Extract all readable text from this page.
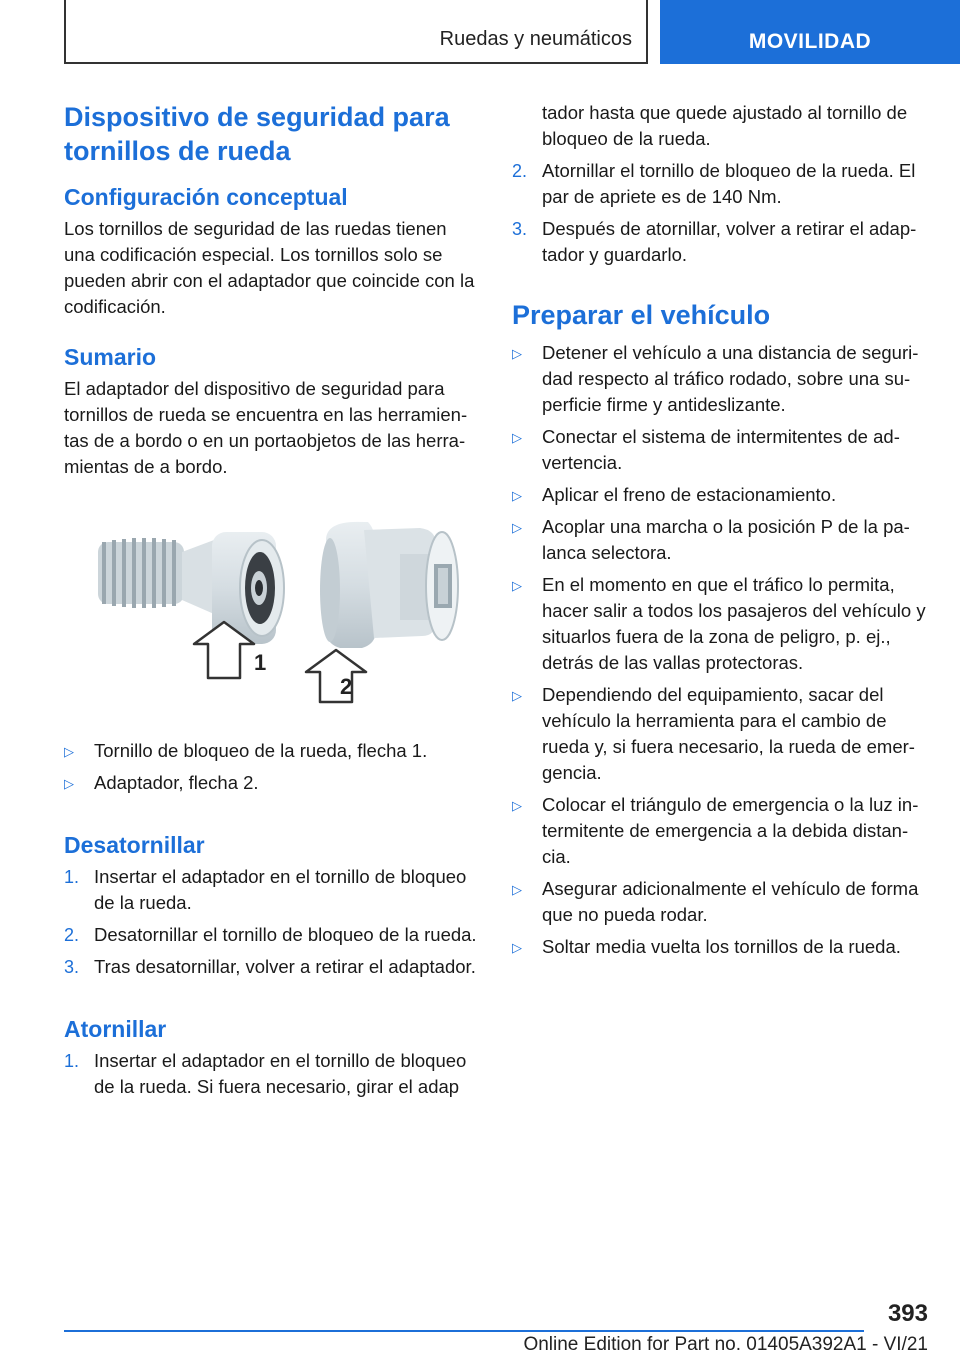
Ruedas y neumáticos	MOVILIDAD
Dispositivo de seguridad para tornillos de rueda
Configuración conceptual

Los tornillos de seguridad de las ruedas tienen una codificación especial. Los tornillos solo se pueden abrir con el adaptador que coincide con la codificación.

Sumario

El adaptador del dispositivo de seguridad para tornillos de rueda se encuentra en las herramientas de a bordo o en un portaobjetos de las herramientas de a bordo.

1
2
▷ Tornillo de bloqueo de la rueda, flecha 1.
▷ Adaptador, flecha 2.
Desatornillar
1. Insertar el adaptador en el tornillo de bloqueo de la rueda.
2. Desatornillar el tornillo de bloqueo de la rueda.
3. Tras desatornillar, volver a retirar el adaptador.
Atornillar
1. Insertar el adaptador en el tornillo de bloqueo de la rueda. Si fuera necesario, girar el adap
tador hasta que quede ajustado al tornillo de bloqueo de la rueda.
2. Atornillar el tornillo de bloqueo de la rueda. El par de apriete es de 140 Nm.
3. Después de atornillar, volver a retirar el adaptador y guardarlo.
Preparar el vehículo
▷ Detener el vehículo a una distancia de seguridad respecto al tráfico rodado, sobre una superficie firme y antideslizante.
▷ Conectar el sistema de intermitentes de advertencia.
▷ Aplicar el freno de estacionamiento.
▷ Acoplar una marcha o la posición P de la palanca selectora.
▷ En el momento en que el tráfico lo permita, hacer salir a todos los pasajeros del vehículo y situarlos fuera de la zona de peligro, p. ej., detrás de las vallas protectoras.
▷ Dependiendo del equipamiento, sacar del vehículo la herramienta para el cambio de rueda y, si fuera necesario, la rueda de emergencia.
▷ Colocar el triángulo de emergencia o la luz intermitente de emergencia a la debida distancia.
▷ Asegurar adicionalmente el vehículo de forma que no pueda rodar.
▷ Soltar media vuelta los tornillos de la rueda.
393
Online Edition for Part no. 01405A392A1 - VI/21
